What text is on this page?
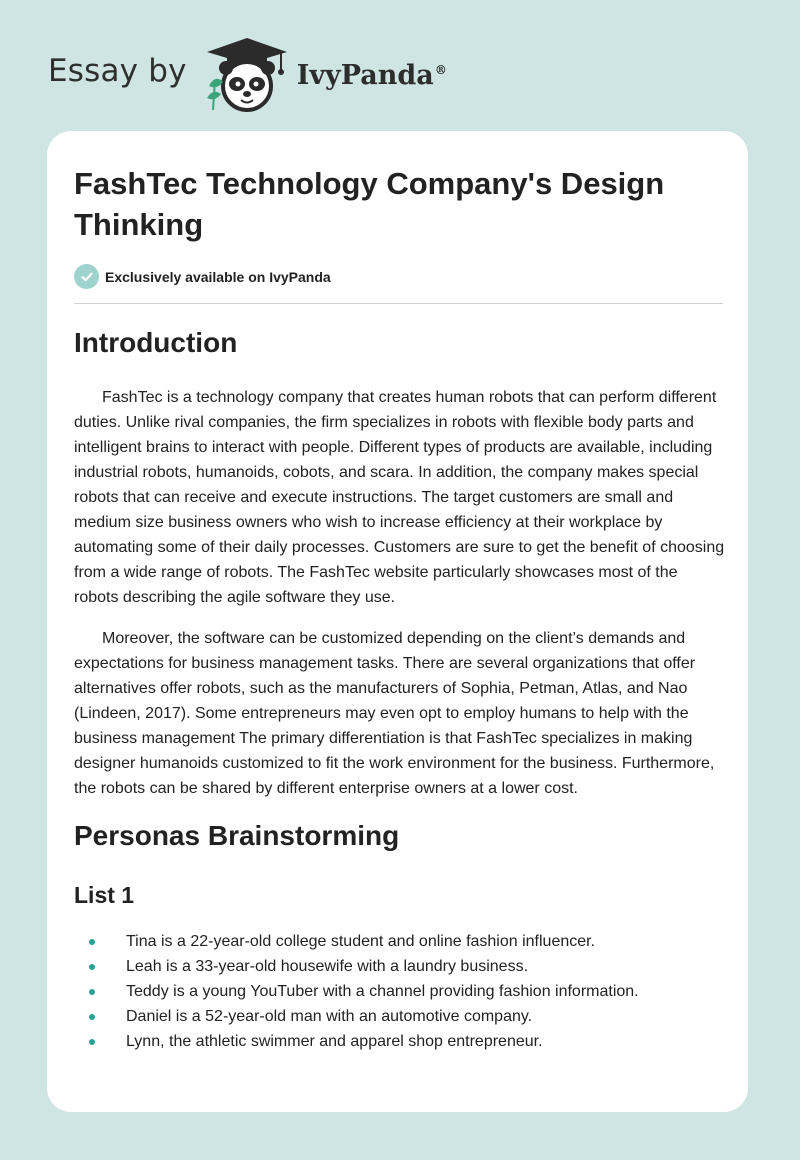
Essay by	IvyPanda®
FashTec Technology Company's Design Thinking
Exclusively available on IvyPanda
Introduction

FashTec is a technology company that creates human robots that can perform different duties. Unlike rival companies, the firm specializes in robots with flexible body parts and intelligent brains to interact with people. Different types of products are available, including industrial robots, humanoids, cobots, and scara. In addition, the company makes special robots that can receive and execute instructions. The target customers are small and medium size business owners who wish to increase efficiency at their workplace by automating some of their daily processes. Customers are sure to get the benefit of choosing from a wide range of robots. The FashTec website particularly showcases most of the robots describing the agile software they use.

Moreover, the software can be customized depending on the client’s demands and expectations for business management tasks. There are several organizations that offer alternatives offer robots, such as the manufacturers of Sophia, Petman, Atlas, and Nao (Lindeen, 2017). Some entrepreneurs may even opt to employ humans to help with the business management The primary differentiation is that FashTec specializes in making designer humanoids customized to fit the work environment for the business. Furthermore, the robots can be shared by different enterprise owners at a lower cost.

Personas Brainstorming
List 1
Tina is a 22-year-old college student and online fashion influencer.
Leah is a 33-year-old housewife with a laundry business.
Teddy is a young YouTuber with a channel providing fashion information.
Daniel is a 52-year-old man with an automotive company.
Lynn, the athletic swimmer and apparel shop entrepreneur.
